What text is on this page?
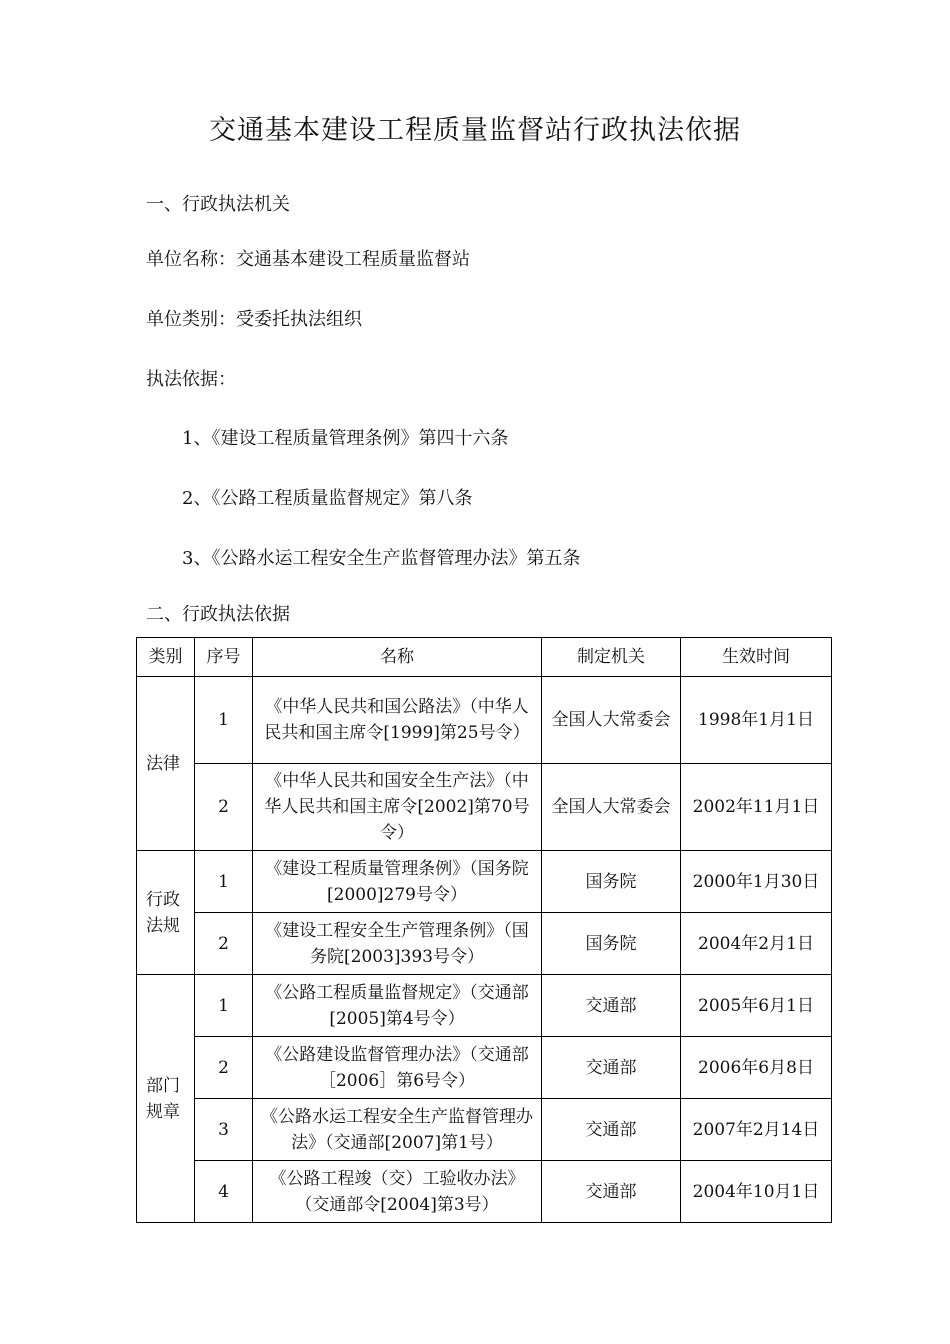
交通基本建设工程质量监督站行政执法依据
一、行政执法机关
单位名称：交通基本建设工程质量监督站
单位类别：受委托执法组织
执法依据：
1、《建设工程质量管理条例》第四十六条
2、《公路工程质量监督规定》第八条
3、《公路水运工程安全生产监督管理办法》第五条
二、行政执法依据
类别	序号	名称	制定机关	生效时间
法律	1	《中华人民共和国公路法》（中华人民共和国主席令[1999]第25号令）	全国人大常委会	1998年1月1日
	2	《中华人民共和国安全生产法》（中华人民共和国主席令[2002]第70号令）	全国人大常委会	2002年11月1日
行政法规	1	《建设工程质量管理条例》（国务院[2000]279号令）	国务院	2000年1月30日
	2	《建设工程安全生产管理条例》（国务院[2003]393号令）	国务院	2004年2月1日
部门规章	1	《公路工程质量监督规定》（交通部[2005]第4号令）	交通部	2005年6月1日
	2	《公路建设监督管理办法》（交通部［2006］第6号令）	交通部	2006年6月8日
	3	《公路水运工程安全生产监督管理办法》（交通部[2007]第1号）	交通部	2007年2月14日
	4	《公路工程竣（交）工验收办法》（交通部令[2004]第3号）	交通部	2004年10月1日
